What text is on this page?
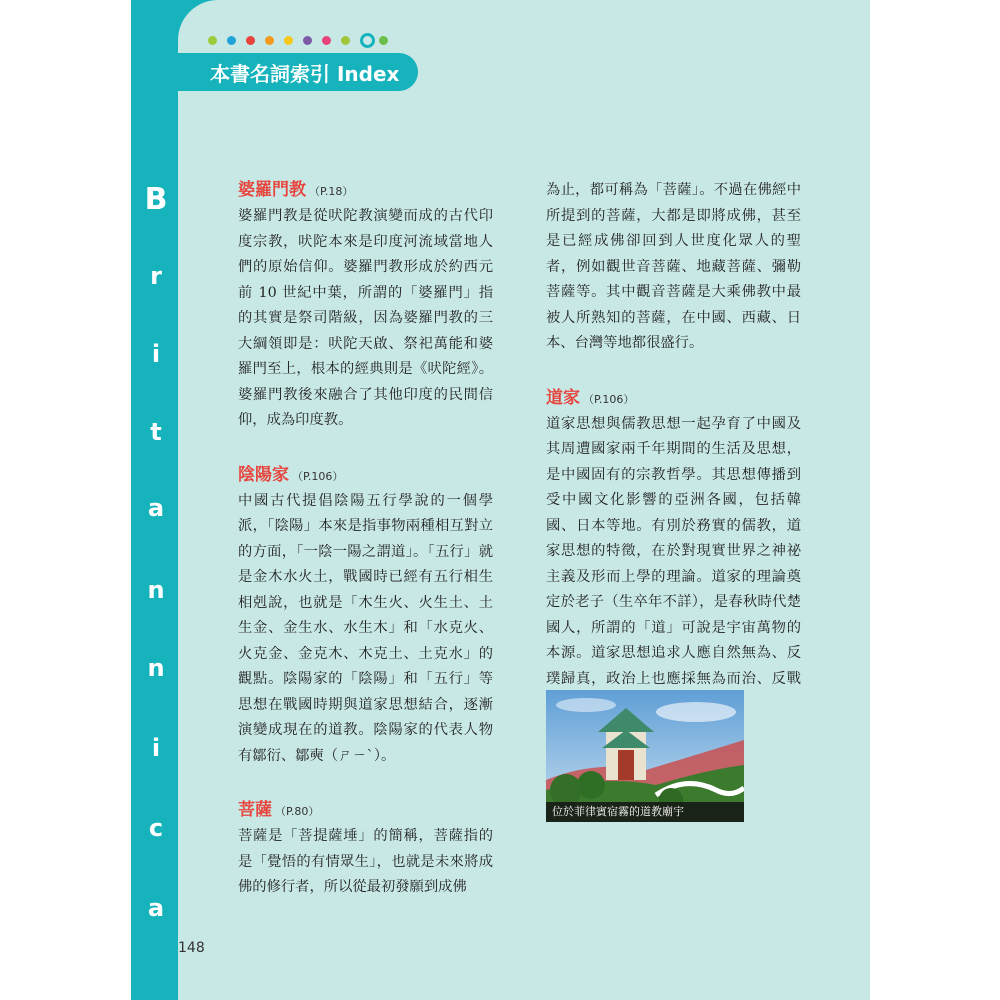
本書名詞索引 Index
B
r
i
t
a
n
n
i
c
a
148

婆羅門教 （P.18）

婆羅門教是從吠陀教演變而成的古代印度宗教，吠陀本來是印度河流域當地人們的原始信仰。婆羅門教形成於約西元前 10 世紀中葉，所謂的「婆羅門」指的其實是祭司階級，因為婆羅門教的三大綱領即是：吠陀天啟、祭祀萬能和婆羅門至上，根本的經典則是《吠陀經》。婆羅門教後來融合了其他印度的民間信仰，成為印度教。

陰陽家 （P.106）

中國古代提倡陰陽五行學說的一個學派，「陰陽」本來是指事物兩種相互對立的方面，「一陰一陽之謂道」。「五行」就是金木水火土，戰國時已經有五行相生相剋說，也就是「木生火、火生土、土生金、金生水、水生木」和「水克火、火克金、金克木、木克土、土克水」的觀點。陰陽家的「陰陽」和「五行」等思想在戰國時期與道家思想結合，逐漸演變成現在的道教。陰陽家的代表人物有鄒衍、鄒奭（ㄕㄧˋ）。

菩薩 （P.80）

菩薩是「菩提薩埵」的簡稱，菩薩指的是「覺悟的有情眾生」，也就是未來將成佛的修行者，所以從最初發願到成佛

為止，都可稱為「菩薩」。不過在佛經中所提到的菩薩，大都是即將成佛，甚至是已經成佛卻回到人世度化眾人的聖者，例如觀世音菩薩、地藏菩薩、彌勒菩薩等。其中觀音菩薩是大乘佛教中最被人所熟知的菩薩，在中國、西藏、日本、台灣等地都很盛行。

道家 （P.106）

道家思想與儒教思想一起孕育了中國及其周遭國家兩千年期間的生活及思想，是中國固有的宗教哲學。其思想傳播到受中國文化影響的亞洲各國，包括韓國、日本等地。有別於務實的儒教，道家思想的特徵，在於對現實世界之神祕主義及形而上學的理論。道家的理論奠定於老子（生卒年不詳），是春秋時代楚國人，所謂的「道」可說是宇宙萬物的本源。道家思想追求人應自然無為、反璞歸真，政治上也應採無為而治、反戰

位於菲律賓宿霧的道教廟宇
